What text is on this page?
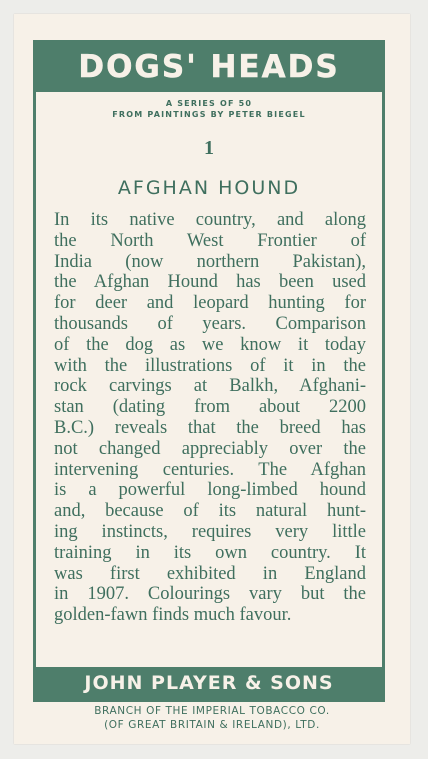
DOGS' HEADS
A SERIES OF 50
FROM PAINTINGS BY PETER BIEGEL
1
AFGHAN HOUND
In its native country, and along
the North West Frontier of
India (now northern Pakistan),
the Afghan Hound has been used
for deer and leopard hunting for
thousands of years. Comparison
of the dog as we know it today
with the illustrations of it in the
rock carvings at Balkh, Afghani-
stan (dating from about 2200
B.C.) reveals that the breed has
not changed appreciably over the
intervening centuries. The Afghan
is a powerful long-limbed hound
and, because of its natural hunt-
ing instincts, requires very little
training in its own country. It
was first exhibited in England
in 1907. Colourings vary but the
golden-fawn finds much favour.
JOHN PLAYER & SONS
BRANCH OF THE IMPERIAL TOBACCO CO.
(OF GREAT BRITAIN & IRELAND), LTD.
